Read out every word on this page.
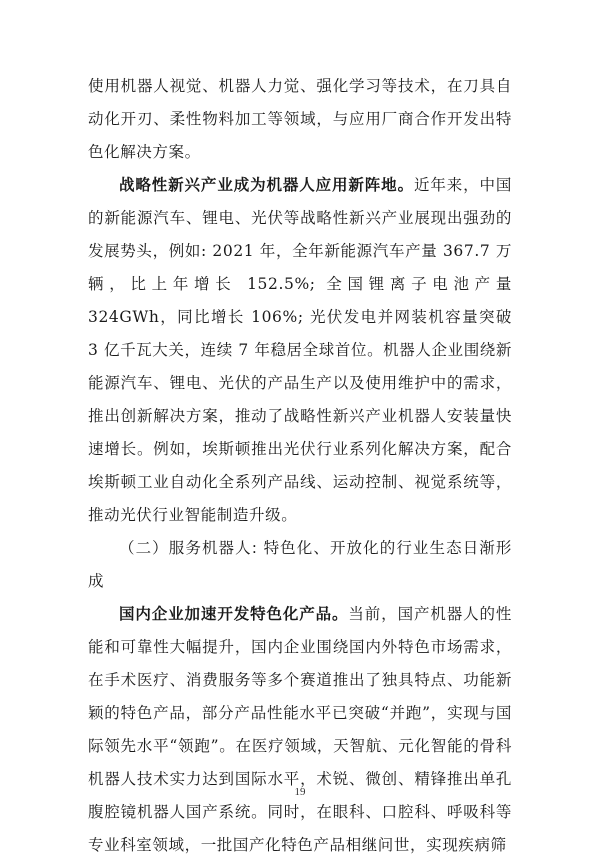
使用机器人视觉、机器人力觉、强化学习等技术，在刀具自动化开刃、柔性物料加工等领域，与应用厂商合作开发出特色化解决方案。

战略性新兴产业成为机器人应用新阵地。近年来，中国的新能源汽车、锂电、光伏等战略性新兴产业展现出强劲的发展势头，例如: 2021 年，全年新能源汽车产量 367.7 万辆，比上年增长 152.5%; 全国锂离子电池产量 324GWh，同比增长 106%; 光伏发电并网装机容量突破 3 亿千瓦大关，连续 7 年稳居全球首位。机器人企业围绕新能源汽车、锂电、光伏的产品生产以及使用维护中的需求，推出创新解决方案，推动了战略性新兴产业机器人安装量快速增长。例如，埃斯顿推出光伏行业系列化解决方案，配合埃斯顿工业自动化全系列产品线、运动控制、视觉系统等，推动光伏行业智能制造升级。

（二）服务机器人: 特色化、开放化的行业生态日渐形成

国内企业加速开发特色化产品。当前，国产机器人的性能和可靠性大幅提升，国内企业围绕国内外特色市场需求，在手术医疗、消费服务等多个赛道推出了独具特点、功能新颖的特色产品，部分产品性能水平已突破“并跑”，实现与国际领先水平“领跑”。在医疗领域，天智航、元化智能的骨科机器人技术实力达到国际水平，术锐、微创、精锋推出单孔腹腔镜机器人国产系统。同时，在眼科、口腔科、呼吸科等专业科室领域，一批国产化特色产品相继问世，实现疾病筛

19
